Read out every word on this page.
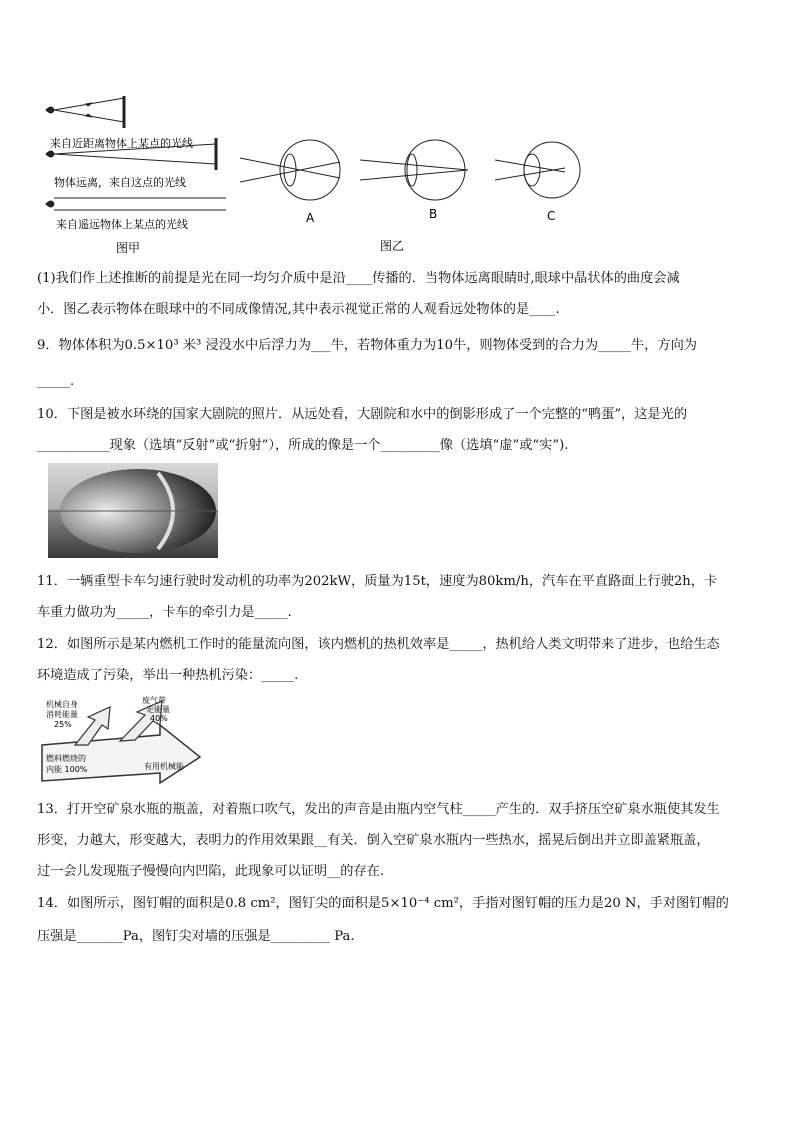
来自近距离物体上某点的光线
物体远离，来自这点的光线
来自遥远物体上某点的光线
图甲
A	B	C
图乙
(1)我们作上述推断的前提是光在同一均匀介质中是沿____传播的．当物体远离眼睛时,眼球中晶状体的曲度会减
小．图乙表示物体在眼球中的不同成像情况,其中表示视觉正常的人观看远处物体的是____.
9．物体体积为0.5×10³ 米³ 浸没水中后浮力为___牛，若物体重力为10牛，则物体受到的合力为_____牛，方向为
_____.
10．下图是被水环绕的国家大剧院的照片．从远处看，大剧院和水中的倒影形成了一个完整的“鸭蛋”，这是光的
___________现象（选填“反射”或“折射”），所成的像是一个_________像（选填“虚”或“实”).
11．一辆重型卡车匀速行驶时发动机的功率为202kW，质量为15t，速度为80km/h，汽车在平直路面上行驶2h，卡
车重力做功为_____，卡车的牵引力是_____.
12．如图所示是某内燃机工作时的能量流向图，该内燃机的热机效率是_____，热机给人类文明带来了进步，也给生态
环境造成了污染，举出一种热机污染：_____.
机械自身
消耗能量
25%
废气带
走能量
40%
燃料燃烧的
内能 100%	有用机械能
13．打开空矿泉水瓶的瓶盖，对着瓶口吹气，发出的声音是由瓶内空气柱_____产生的．双手挤压空矿泉水瓶使其发生
形变，力越大，形变越大，表明力的作用效果跟__有关．倒入空矿泉水瓶内一些热水，摇晃后倒出并立即盖紧瓶盖，
过一会儿发现瓶子慢慢向内凹陷，此现象可以证明__的存在.
14．如图所示，图钉帽的面积是0.8 cm²，图钉尖的面积是5×10⁻⁴ cm²，手指对图钉帽的压力是20 N，手对图钉帽的
压强是_______Pa，图钉尖对墙的压强是_________ Pa.
